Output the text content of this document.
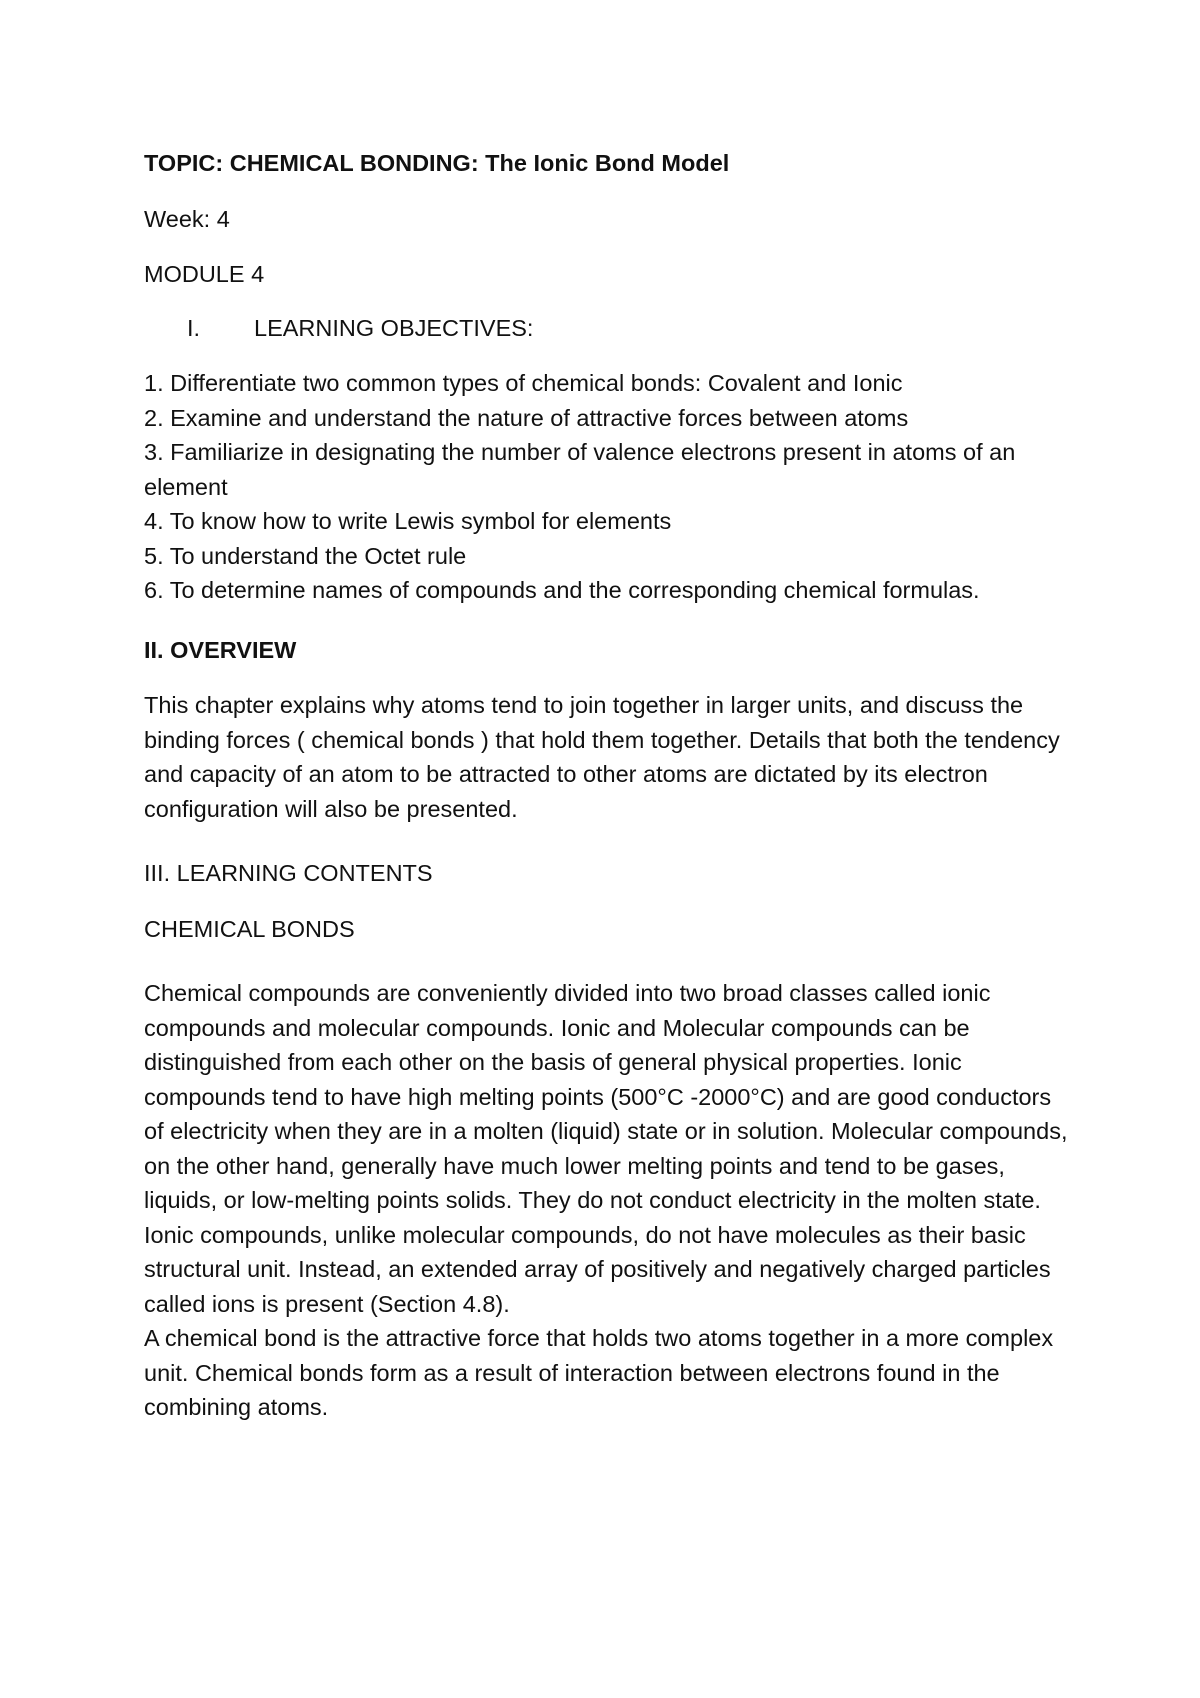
TOPIC: CHEMICAL BONDING: The Ionic Bond Model

Week: 4

MODULE 4

I.	LEARNING OBJECTIVES:
1. Differentiate two common types of chemical bonds: Covalent and Ionic
2. Examine and understand the nature of attractive forces between atoms
3. Familiarize in designating the number of valence electrons present in atoms of an element
4. To know how to write Lewis symbol for elements
5. To understand the Octet rule
6. To determine names of compounds and the corresponding chemical formulas.

II. OVERVIEW

This chapter explains why atoms tend to join together in larger units, and discuss the binding forces ( chemical bonds ) that hold them together. Details that both the tendency and capacity of an atom to be attracted to other atoms are dictated by its electron configuration will also be presented.

III. LEARNING CONTENTS

CHEMICAL BONDS

Chemical compounds are conveniently divided into two broad classes called ionic compounds and molecular compounds. Ionic and Molecular compounds can be distinguished from each other on the basis of general physical properties. Ionic compounds tend to have high melting points (500°C -2000°C) and are good conductors of electricity when they are in a molten (liquid) state or in solution. Molecular compounds, on the other hand, generally have much lower melting points and tend to be gases, liquids, or low-melting points solids. They do not conduct electricity in the molten state. Ionic compounds, unlike molecular compounds, do not have molecules as their basic structural unit. Instead, an extended array of positively and negatively charged particles called ions is present (Section 4.8).

A chemical bond is the attractive force that holds two atoms together in a more complex unit. Chemical bonds form as a result of interaction between electrons found in the combining atoms.
